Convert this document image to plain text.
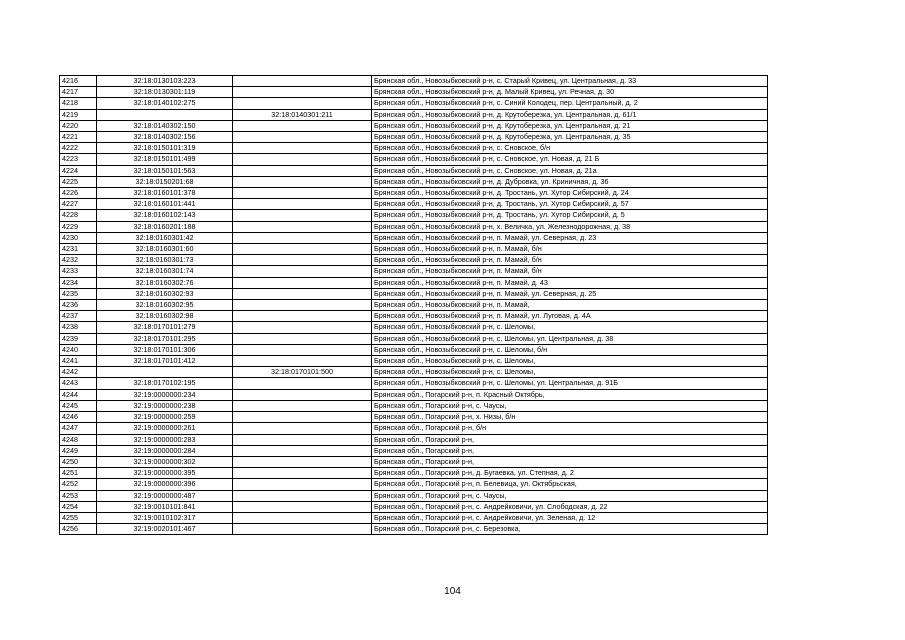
4216	32:18:0130103:223		Брянская обл., Новозыбковский р-н, с. Старый Кривец, ул. Центральная, д. 33
4217	32:18:0130301:119		Брянская обл., Новозыбковский р-н, д. Малый Кривец, ул. Речная, д. 30
4218	32:18:0140102:275		Брянская обл., Новозыбковский р-н, с. Синий Колодец, пер. Центральный, д. 2
4219		32:18:0140301:211	Брянская обл., Новозыбковский р-н, д. Крутоберезка, ул. Центральная, д. 61/1
4220	32:18:0140302:150		Брянская обл., Новозыбковский р-н, д. Крутоберезка, ул. Центральная, д. 21
4221	32:18:0140302:156		Брянская обл., Новозыбковский р-н, д. Крутоберезка, ул. Центральная, д. 35
4222	32:18:0150101:319		Брянская обл., Новозыбковский р-н, с. Сновское, б/н
4223	32:18:0150101:499		Брянская обл., Новозыбковский р-н, с. Сновское, ул. Новая, д. 21 Б
4224	32:18:0150101:563		Брянская обл., Новозыбковский р-н, с. Сновское, ул. Новая, д. 21а
4225	32:18:0150201:68		Брянская обл., Новозыбковский р-н, д. Дубровка, ул. Криничная, д. 36
4226	32:18:0160101:378		Брянская обл., Новозыбковский р-н, д. Тростань, ул. Хутор Сибирский, д. 24
4227	32:18:0160101:441		Брянская обл., Новозыбковский р-н, д. Тростань, ул. Хутор Сибирский, д. 57
4228	32:18:0160102:143		Брянская обл., Новозыбковский р-н, д. Тростань, ул. Хутор Сибирский, д. 5
4229	32:18:0160201:188		Брянская обл., Новозыбковский р-н, х. Величка, ул. Железнодорожная, д. 38
4230	32:18:0160301:42		Брянская обл., Новозыбковский р-н, п. Мамай, ул. Северная, д. 23
4231	32:18:0160301:60		Брянская обл., Новозыбковский р-н, п. Мамай, б/н
4232	32:18:0160301:73		Брянская обл., Новозыбковский р-н, п. Мамай, б/н
4233	32:18:0160301:74		Брянская обл., Новозыбковский р-н, п. Мамай, б/н
4234	32:18:0160302:76		Брянская обл., Новозыбковский р-н, п. Мамай, д. 43
4235	32:18:0160302:93		Брянская обл., Новозыбковский р-н, п. Мамай, ул. Северная, д. 25
4236	32:18:0160302:95		Брянская обл., Новозыбковский р-н, п. Мамай,
4237	32:18:0160302:98		Брянская обл., Новозыбковский р-н, п. Мамай, ул. Луговая, д. 4А
4238	32:18:0170101:279		Брянская обл., Новозыбковский р-н, с. Шеломы,
4239	32:18:0170101:295		Брянская обл., Новозыбковский р-н, с. Шеломы, ул. Центральная, д. 38
4240	32:18:0170101:306		Брянская обл., Новозыбковский р-н, с. Шеломы, б/н
4241	32:18:0170101:412		Брянская обл., Новозыбковский р-н, с. Шеломы,
4242		32:18:0170101:500	Брянская обл., Новозыбковский р-н, с. Шеломы,
4243	32:18:0170102:195		Брянская обл., Новозыбковский р-н, с. Шеломы, ул. Центральная, д. 91Б
4244	32:19:0000000:234		Брянская обл., Погарский р-н, п. Красный Октябрь,
4245	32:19:0000000:238		Брянская обл., Погарский р-н, с. Чаусы,
4246	32:19:0000000:259		Брянская обл., Погарский р-н, х. Низы, б/н
4247	32:19:0000000:261		Брянская обл., Погарский р-н, б/н
4248	32:19:0000000:283		Брянская обл., Погарский р-н,
4249	32:19:0000000:284		Брянская обл., Погарский р-н,
4250	32:19:0000000:302		Брянская обл., Погарский р-н,
4251	32:19:0000000:395		Брянская обл., Погарский р-н, д. Бугаевка, ул. Степная, д. 2
4252	32:19:0000000:396		Брянская обл., Погарский р-н, п. Белевица, ул. Октябрьская,
4253	32:19:0000000:487		Брянская обл., Погарский р-н, с. Чаусы,
4254	32:19:0010101:841		Брянская обл., Погарский р-н, с. Андрейковичи, ул. Слободская, д. 22
4255	32:19:0010102:317		Брянская обл., Погарский р-н, с. Андрейковичи, ул. Зеленая, д. 12
4256	32:19:0020101:467		Брянская обл., Погарский р-н, с. Березовка,
104
